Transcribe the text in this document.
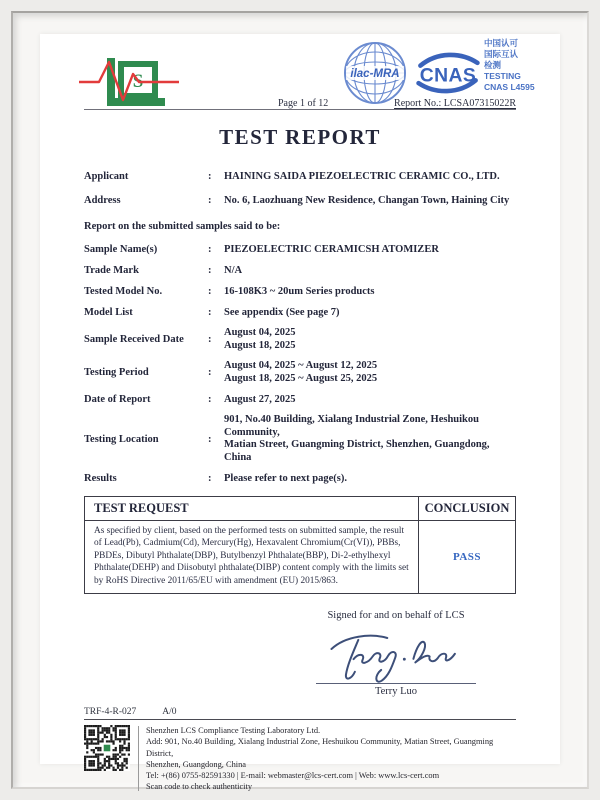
S
Page 1 of 12
ilac-MRA CNAS
中国认可
国际互认
检测
TESTING
CNAS L4595
Report No.: LCSA07315022R
TEST REPORT
Applicant	:	HAINING SAIDA PIEZOELECTRIC CERAMIC CO., LTD.
Address	:	No. 6, Laozhuang New Residence, Changan Town, Haining City
Report on the submitted samples said to be:
Sample Name(s)	:	PIEZOELECTRIC CERAMICSH ATOMIZER
Trade Mark	:	N/A
Tested Model No.	:	16-108K3 ~ 20um Series products
Model List	:	See appendix (See page 7)
Sample Received Date	:
August 04, 2025
August 18, 2025
Testing Period	:
August 04, 2025 ~ August 12, 2025
August 18, 2025 ~ August 25, 2025
Date of Report	:	August 27, 2025
Testing Location	:
901, No.40 Building, Xialang Industrial Zone, Heshuikou Community,
Matian Street, Guangming District, Shenzhen, Guangdong, China
Results	:	Please refer to next page(s).
TEST REQUEST	CONCLUSION
As specified by client, based on the performed tests on submitted sample, the result of Lead(Pb), Cadmium(Cd), Mercury(Hg), Hexavalent Chromium(Cr(VI)), PBBs, PBDEs, Dibutyl Phthalate(DBP), Butylbenzyl Phthalate(BBP), Di-2-ethylhexyl Phthalate(DEHP) and Diisobutyl phthalate(DIBP) content comply with the limits set by RoHS Directive 2011/65/EU with amendment (EU) 2015/863.
PASS
Signed for and on behalf of LCS
Terry Luo
TRF-4-R-027	A/0
Shenzhen LCS Compliance Testing Laboratory Ltd.
Add: 901, No.40 Building, Xialang Industrial Zone, Heshuikou Community, Matian Street, Guangming District,
Shenzhen, Guangdong, China
Tel: +(86) 0755-82591330 | E-mail: webmaster@lcs-cert.com | Web: www.lcs-cert.com
Scan code to check authenticity
